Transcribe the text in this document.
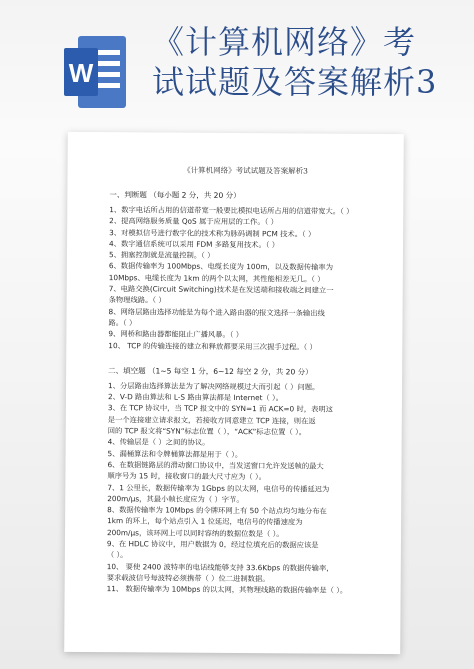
W
《计算机网络》考
试试题及答案解析3
《计算机网络》考试试题及答案解析3
一、判断题 （每小题 2 分，共 20 分）

1、数字电话所占用的信道带宽一般要比模拟电话所占用的信道带宽大。（ ）

2、提高网络服务质量 QoS 属于应用层的工作。（ ）

3、对模拟信号进行数字化的技术称为脉码调制 PCM 技术。（ ）

4、数字通信系统可以采用 FDM 多路复用技术。（ ）

5、拥塞控制就是流量控制。（ ）

6、数据传输率为 100Mbps、电缆长度为 100m，以及数据传输率为

10Mbps、电缆长度为 1km 的两个以太网，其性能相差无几。（ ）

7、电路交换(Circuit Switching)技术是在发送端和接收端之间建立一

条物理线路。（ ）

8、网络层路由选择功能是为每个进入路由器的报文选择一条输出线

路。（ ）

9、网桥和路由器都能阻止广播风暴。（ ）

10、 TCP 的传输连接的建立和释放都要采用三次握手过程。（ ）

二、填空题 （1~5 每空 1 分，6~12 每空 2 分，共 20 分）

1、分层路由选择算法是为了解决网络规模过大而引起（ ）问题。

2、V-D 路由算法和 L-S 路由算法都是 Internet（ ）。

3、在 TCP 协议中，当 TCP 报文中的 SYN=1 而 ACK=0 时，表明这

是一个连接建立请求报文，若接收方同意建立 TCP 连接，则在返

回的 TCP 报文将“SYN”标志位置（ ），“ACK”标志位置（ ）。

4、传输层是（ ）之间的协议。

5、漏桶算法和令牌桶算法都是用于（ ）。

6、在数据链路层的滑动窗口协议中，当发送窗口允许发送帧的最大

顺序号为 15 时，接收窗口的最大尺寸应为（ ）。

7、1 公里长，数据传输率为 1Gbps 的以太网，电信号的传播延迟为

200m/μs，其最小帧长度应为（ ）字节。

8、数据传输率为 10Mbps 的令牌环网上有 50 个站点均匀地分布在

1km 的环上，每个站点引入 1 位延迟，电信号的传播速度为

200m/μs，该环网上可以同时容纳的数据位数是（ ）。

9、在 HDLC 协议中，用户数据为 0，经过位填充后的数据应该是

（ ）。

10、 要使 2400 波特率的电话线能够支持 33.6Kbps 的数据传输率，

要求载波信号每波特必须携带（ ）位二进制数据。

11、 数据传输率为 10Mbps 的以太网，其物理线路的数据传输率是（ ）。
